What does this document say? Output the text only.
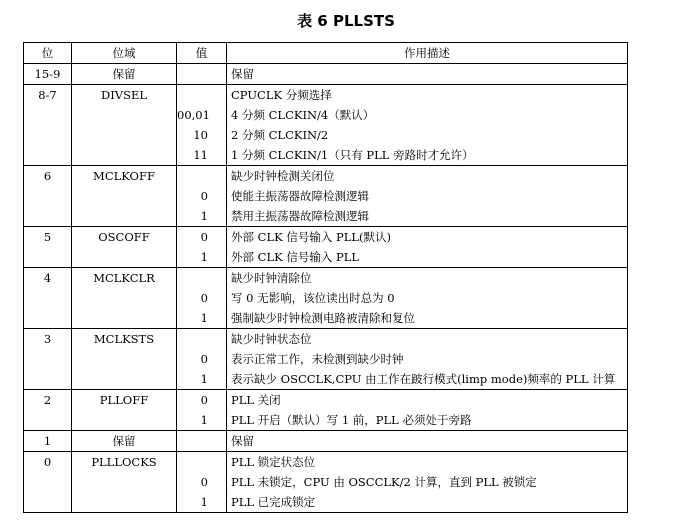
表 6 PLLSTS
位	位域	值	作用描述
15-9	保留		保留
8-7	DIVSEL		CPUCLK 分频选择
		00,01	4 分频 CLCKIN/4（默认）
		10	2 分频 CLCKIN/2
		11	1 分频 CLCKIN/1（只有 PLL 旁路时才允许）
6	MCLKOFF		缺少时钟检测关闭位
		0	使能主振荡器故障检测逻辑
		1	禁用主振荡器故障检测逻辑
5	OSCOFF	0	外部 CLK 信号输入 PLL(默认)
		1	外部 CLK 信号输入 PLL
4	MCLKCLR		缺少时钟清除位
		0	写 0 无影响，该位读出时总为 0
		1	强制缺少时钟检测电路被清除和复位
3	MCLKSTS		缺少时钟状态位
		0	表示正常工作，未检测到缺少时钟
		1	表示缺少 OSCCLK,CPU 由工作在跛行模式(limp mode)频率的 PLL 计算
2	PLLOFF	0	PLL 关闭
		1	PLL 开启（默认）写 1 前，PLL 必须处于旁路
1	保留		保留
0	PLLLOCKS		PLL 锁定状态位
		0	PLL 未锁定，CPU 由 OSCCLK/2 计算，直到 PLL 被锁定
		1	PLL 已完成锁定
